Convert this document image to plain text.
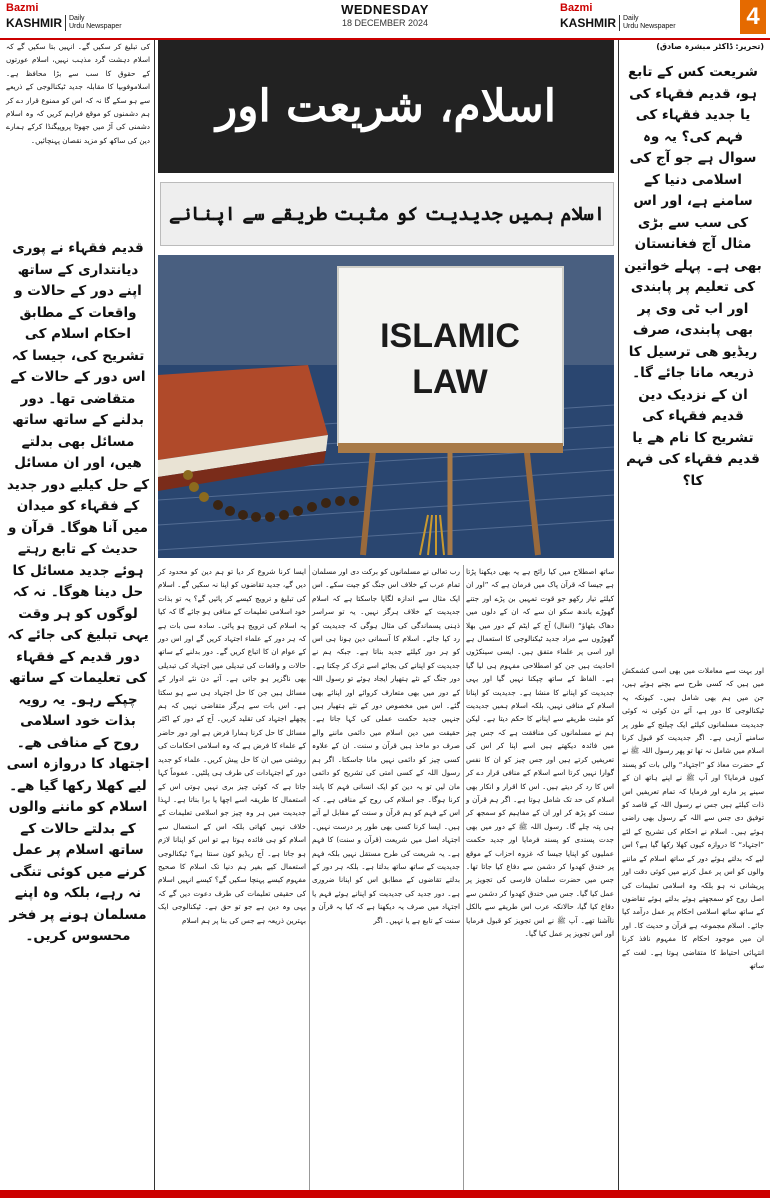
Bazmi
KASHMIR Daily
Urdu Newspaper
WEDNESDAY
18 DECEMBER 2024
Bazmi
KASHMIR Daily
Urdu Newspaper	4
اسلام، شریعت اور
اسلام ہمیں جدیدیت کو مثبت طریقے سے اپنانے
ISLAMIC
LAW
کی تبلیغ کر سکیں گے۔ انہیں بتا سکیں گے کہ اسلام دہشت گرد مذہب نہیں، اسلام عورتوں کے حقوق کا سب سے بڑا محافظ ہے۔ اسلاموفوبیا کا مقابلہ جدید ٹیکنالوجی کے ذریعے سے ہو سکے گا نہ کہ اس کو ممنوع قرار دے کر ہم دشمنوں کو موقع فراہم کریں کہ وہ اسلام دشمنی کی آڑ میں جھوٹا پروپیگنڈا کرکے ہمارے دین کی ساکھ کو مزید نقصان پہنچائیں۔
قدیم فقہاء نے پوری دیانتداری کے ساتھ اپنے دور کے حالات و واقعات کے مطابق احکام اسلام کی تشریح کی، جیسا کہ اس دور کے حالات کے متقاضی تھا۔ دور بدلنے کے ساتھ ساتھ مسائل بھی بدلتے ھیں، اور ان مسائل کے حل کیلیے دور جدید کے فقہاء کو میدان میں آنا ھوگا۔ قرآن و حدیث کے تابع رہتے ہوئے جدید مسائل کا حل دینا ھوگا۔ نہ کہ لوگوں کو ہر وقت یہی تبلیغ کی جائے کہ دور قدیم کے فقہاء کی تعلیمات کے ساتھ چپکے رہو۔ یہ رویہ بذات خود اسلامی روح کے منافی ھے۔ اجتھاد کا دروازہ اسی لیے کھلا رکھا گیا ھے۔ اسلام کو ماننے والوں کے بدلتے حالات کے ساتھ اسلام پر عمل کرنے میں کوئی تنگی نہ رہے، بلکہ وہ اپنے مسلمان ہونے پر فخر محسوس کریں۔
(تحریر: ڈاکٹر مبشرہ صادق)
شریعت کس کے تابع ہو، قدیم فقہاء کی یا جدید فقہاء کی فہم کی؟ یہ وہ سوال ہے جو آج کی اسلامی دنیا کے سامنے ہے، اور اس کی سب سے بڑی مثال آج فغانستان بھی ہے۔ پہلے خواتین کی تعلیم پر پابندی اور اب ٹی وی پر بھی پابندی، صرف ریڈیو ھی ترسیل کا ذریعہ مانا جائے گا۔ ان کے نزدیک دین قدیم فقہاء کی تشریح کا نام ھے یا قدیم فقہاء کی فہم کا؟
اور بہت سے معاملات میں بھی اسی کشمکش میں ہیں کہ کسی طرح سے بچنے ہوئے ہیں، جن میں ہم بھی شامل ہیں۔ کیونکہ یہ ٹیکنالوجی کا دور ہے، آئے دن کوئی نہ کوئی جدیدیت مسلمانوں کیلئے ایک چیلنج کے طور پر سامنے آرہی ہے۔ اگر جدیدیت کو قبول کرنا اسلام میں شامل نہ تھا تو پھر رسول اللہ ﷺ نے کے حضرت معاذ کو ”اجتہاد“ والی بات کو پسند کیوں فرمایا؟ اور آپ ﷺ نے اپنے ہاتھ ان کے سینے پر مارے اور فرمایا کہ تمام تعریفیں اس ذات کیلئے ہیں جس نے رسول اللہ کے قاصد کو توفیق دی جس سے اللہ کے رسول بھی راضی ہوئے ہیں۔ اسلام نے احکام کی تشریح کے لئے ”اجتہاد“ کا دروازہ کیوں کھلا رکھا گیا ہے؟ اس لیے کہ بدلتے ہوئے دور کے ساتھ اسلام کے ماننے والوں کو اس پر عمل کرنے میں کوئی دقت اور پریشانی نہ ہو بلکہ وہ اسلامی تعلیمات کی اصل روح کو سمجھتے ہوئے بدلتے ہوئے تقاضوں کے ساتھ ساتھ اسلامی احکام پر عمل درآمد کیا جائے۔ اسلام مجموعہ ہے قرآن و حدیث کا۔ اور ان میں موجود احکام کا مفہوم نافذ کرنا انتہائی احتیاط کا متقاضی ہوتا ہے۔ لغت کے ساتھ
ساتھ اصطلاح میں کیا رائج ہے یہ بھی دیکھنا پڑتا ہے جیسا کہ قرآن پاک میں فرمان ہے کہ ”اور ان کیلئے تیار رکھو جو قوت تمہیں بن پڑے اور جتنے گھوڑے باندھ سکو ان سے کہ ان کے دلوں میں دھاک بٹھاؤ“ (انفال) آج کے ایٹم کے دور میں بھلا گھوڑوں سے مراد جدید ٹیکنالوجی کا استعمال ہے اور اسی پر علماء متفق ہیں۔ ایسی سینکڑوں احادیث ہیں جن کو اصطلاحی مفہوم ہی لیا گیا ہے۔ الفاظ کے ساتھ چپکنا نہیں گیا اور یہی جدیدیت کو اپنانے کا منشا ہے۔ جدیدیت کو اپنانا اسلام کے منافی نہیں، بلکہ اسلام ہمیں جدیدیت کو مثبت طریقے سے اپنانے کا حکم دیتا ہے۔ لیکن ہم نے مسلمانوں کی منافقت ہے کہ جس چیز میں فائدہ دیکھتے ہیں اسے اپنا کر اس کی تعریفیں کرتے ہیں اور جس چیز کو ان کا نفس گوارا نہیں کرتا اسے اسلام کے منافی قرار دے کر اس کا رد کر دیتے ہیں۔ اس کا اقرار و انکار بھی اسلام کی حد تک شامل ہوتا ہے۔ اگر ہم قرآن و سنت کو پڑھ کر اور ان کے مفاہیم کو سمجھ کر ہی پتہ چلے گا۔ رسول اللہ ﷺ کے دور میں بھی جدت پسندی کو پسند فرمایا اور جدید حکمت عملیوں کو اپنایا جیسا کہ غزوہ احزاب کے موقع پر خندق کھدوا کر دشمن سے دفاع کیا جاتا تھا۔ جس میں حضرت سلمان فارسی کی تجویز پر عمل کیا گیا۔ جس میں خندق کھدوا کر دشمن سے دفاع کیا گیا، حالانکہ عرب اس طریقے سے بالکل ناآشنا تھے۔ آپ ﷺ نے اس تجویز کو قبول فرمایا اور اس تجویز پر عمل کیا گیا۔
رب تعالی نے مسلمانوں کو برکت دی اور مسلمان تمام عرب کے خلاف اس جنگ کو جیت سکے۔ اس ایک مثال سے اندازہ لگایا جاسکتا ہے کہ اسلام جدیدیت کے خلاف ہرگز نہیں۔ یہ تو سراسر ذہنی پسماندگی کی مثال ہوگی کہ جدیدیت کو رد کیا جائے۔ اسلام کا آسمانی دین ہونا ہی اس کو ہر دور کیلئے جدید بناتا ہے۔ جبکہ ہم نے جدیدیت کو اپنانے کی بجائے اسے ترک کر چکنا ہے۔ دور جنگ کے نئے ہتھیار ایجاد ہوئے تو رسول اللہ کے دور میں بھی متعارف کروائے اور اپنائے بھی گئے۔ اس میں مخصوص دور کے نئے ہتھیار ہیں جنہیں جدید حکمت عملی کی کہا جاتا ہے۔ حقیقت میں دین اسلام میں دائمی ماننے والے صرف دو ماخذ ہیں قرآن و سنت۔ ان کے علاوہ کسی چیز کو دائمی نہیں مانا جاسکتا۔ اگر ہم رسول اللہ کے کسی امتی کی تشریح کو دائمی مان لیں تو یہ دین کو ایک انسانی فہم کا پابند کرنا ہوگا۔ جو اسلام کی روح کے منافی ہے۔ کہ اس کے فہم کو ہم قرآن و سنت کے مقابل لے آتے ہیں۔ ایسا کرنا کسی بھی طور پر درست نہیں۔ اجتہاد اصل میں شریعت (قرآن و سنت) کا فہم ہے۔ یہ شریعت کی طرح مستقل نہیں بلکہ فہم جدیدیت کے ساتھ ساتھ بدلتا ہے۔ بلکہ ہر دور کے بدلتے تقاضوں کے مطابق اس کو اپنانا ضروری ہے۔ دور جدید کی جدیدیت کو اپنانے ہوئے فہم یا اجتہاد میں صرف یہ دیکھنا ہے کہ کیا یہ قرآن و سنت کے تابع ہے یا نہیں۔ اگر
ایسا کرنا شروع کر دیا تو ہم دین کو محدود کر دیں گے، جدید تقاضوں کو اپنا نہ سکیں گے۔ اسلام کی تبلیغ و ترویج کیسے کر پائیں گے؟ یہ تو بذات خود اسلامی تعلیمات کے منافی ہو جائے گا کہ کیا یہ اسلام کی ترویج ہو پائی۔ سادہ سی بات ہے کہ ہر دور کے علماء اجتہاد کریں گے اور اس دور کے عوام ان کا اتباع کریں گے۔ دور بدلنے کے ساتھ حالات و واقعات کی تبدیلی میں اجتہاد کی تبدیلی بھی ناگزیر ہو جاتی ہے۔ آئے دن نئے ادوار کے مسائل ہیں جن کا حل اجتہاد ہی سے ہو سکتا ہے۔ اس بات سے ہرگز متقاضی نہیں کہ ہم پچھلے اجتہاد کی تقلید کریں۔ آج کے دور کے اکثر مسائل کا حل کرنا ہمارا فرض ہے اور دور حاضر کے علماء کا فرض ہے کہ وہ اسلامی احکامات کی روشنی میں ان کا حل پیش کریں۔ علماء کو جدید دور کے اجتہادات کی طرف ہی پلٹیں۔ عموماً کہا جاتا ہے کہ کوئی چیز بری نہیں ہوتی اس کے استعمال کا طریقہ اسے اچھا یا برا بناتا ہے۔ لہذا جدیدیت میں ہر وہ چیز جو اسلامی تعلیمات کے خلاف نہیں کھاتی بلکہ اس کے استعمال سے اسلام کو ہی فائدہ ہوتا ہے تو اس کو اپنانا لازم ہو جاتا ہے۔ آج ریڈیو کون سنتا ہے؟ ٹیکنالوجی استعمال کیے بغیر ہم دنیا تک اسلام کا صحیح مفہوم کیسے پہنچا سکیں گے؟ کیسے انہیں اسلام کی حقیقی تعلیمات کی طرف دعوت دیں گے کہ یہی وہ دین ہے جو تو حق ہے۔ ٹیکنالوجی ایک بہترین ذریعہ ہے جس کی بنا پر ہم اسلام
